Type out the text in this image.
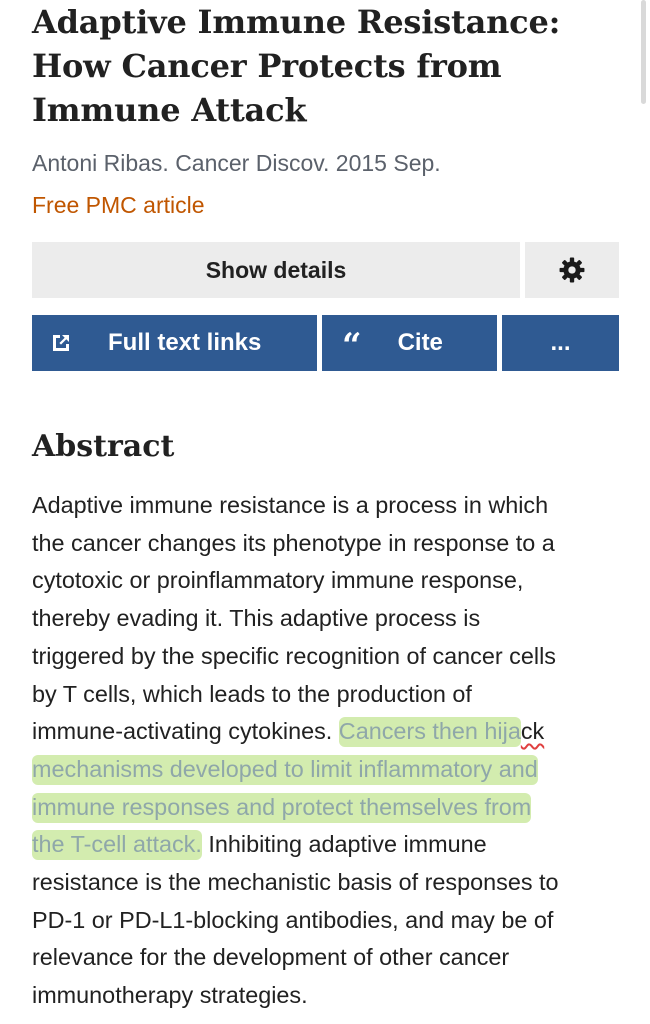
Adaptive Immune Resistance: How Cancer Protects from Immune Attack
Antoni Ribas. Cancer Discov. 2015 Sep.
Free PMC article
Show details
Full text links “ Cite	...
Abstract
Adaptive immune resistance is a process in which
the cancer changes its phenotype in response to a
cytotoxic or proinflammatory immune response,
thereby evading it. This adaptive process is
triggered by the specific recognition of cancer cells
by T cells, which leads to the production of
immune-activating cytokines. Cancers then hijack
mechanisms developed to limit inflammatory and
immune responses and protect themselves from
the T-cell attack. Inhibiting adaptive immune
resistance is the mechanistic basis of responses to
PD-1 or PD-L1-blocking antibodies, and may be of
relevance for the development of other cancer
immunotherapy strategies.
